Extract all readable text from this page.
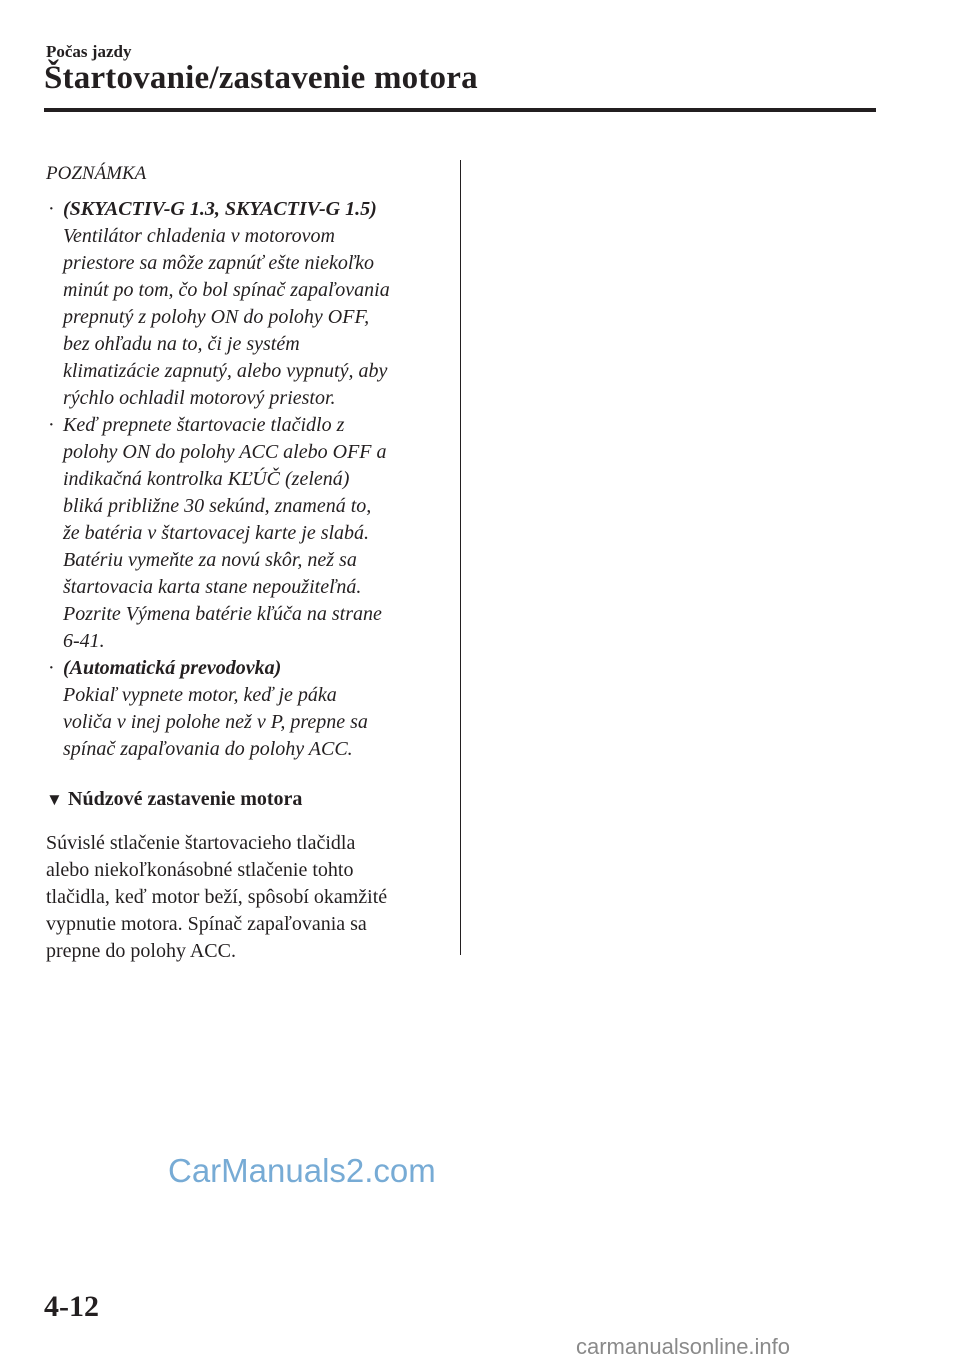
Počas jazdy
Štartovanie/zastavenie motora
POZNÁMKA
· (SKYACTIV-G 1.3, SKYACTIV-G 1.5)
Ventilátor chladenia v motorovom
priestore sa môže zapnúť ešte niekoľko
minút po tom, čo bol spínač zapaľovania
prepnutý z polohy ON do polohy OFF,
bez ohľadu na to, či je systém
klimatizácie zapnutý, alebo vypnutý, aby
rýchlo ochladil motorový priestor.
· Keď prepnete štartovacie tlačidlo z
polohy ON do polohy ACC alebo OFF a
indikačná kontrolka KĽÚČ (zelená)
bliká približne 30 sekúnd, znamená to,
že batéria v štartovacej karte je slabá.
Batériu vymeňte za novú skôr, než sa
štartovacia karta stane nepoužiteľná.
Pozrite Výmena batérie kľúča na strane
6-41.
· (Automatická prevodovka)
Pokiaľ vypnete motor, keď je páka
voliča v inej polohe než v P, prepne sa
spínač zapaľovania do polohy ACC.
▼ Núdzové zastavenie motora
Súvislé stlačenie štartovacieho tlačidla
alebo niekoľkonásobné stlačenie tohto
tlačidla, keď motor beží, spôsobí okamžité
vypnutie motora. Spínač zapaľovania sa
prepne do polohy ACC.
CarManuals2.com
4-12
carmanualsonline.info
